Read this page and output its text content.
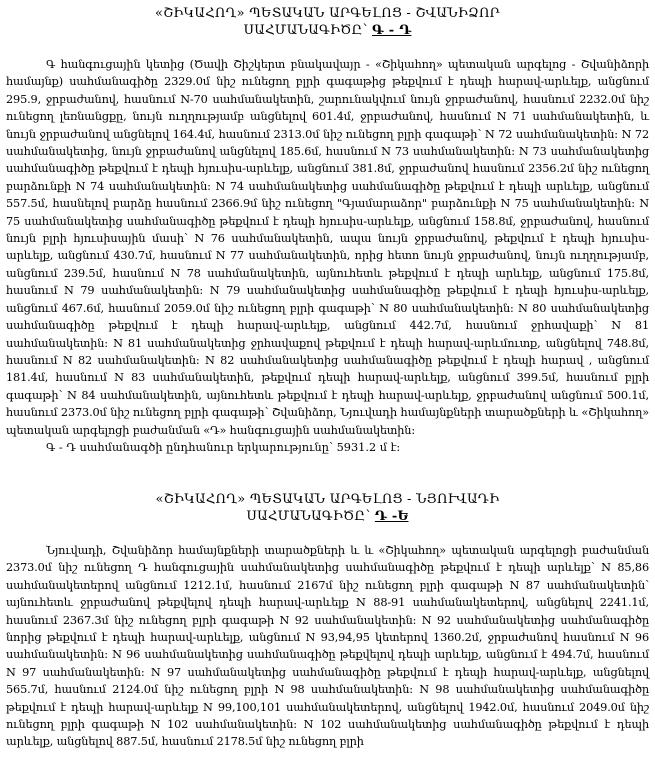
«ՇԻԿԱՀՈՂ» ՊԵՏԱԿԱՆ ԱՐԳԵԼՈՑ - ՇՎԱՆԻՁՈՐ
ՍԱՀՄԱՆԱԳԻԾԸ՝ Գ - Դ

Գ հանգուցային կետից (Ծավի Շիշկերտ բնակավայր - «Շիկահող» պետական արգելոց - Շվանիձորի համայնք) սահմանագիծը 2329.0մ նիշ ունեցող բլրի գագաթից թեքվում է դեպի հարավ-արևելք, անցնում 295.9, ջրբաժանով, հասնում N-70 սահմանակետին, շարունակվում նույն ջրբաժանով, հասնում 2232.0մ նիշ ունեցող լեռնանցքը, նույն ուղղությամբ անցնելով 601.4մ, ջրբաժանով, հասնում N 71 սահմանակետին, և նույն ջրբաժանով անցնելով 164.4մ, հասնում 2313.0մ նիշ ունեցող բլրի գագաթի՝ N 72 սահմանակետին: N 72 սահմանակետից, նույն ջրբաժանով անցնելով 185.6մ, հասնում N 73 սահմանակետին: N 73 սահմանակետից սահմանագիծը թեքվում է դեպի հյուսիս-արևելք, անցնում 381.8մ, ջրբաժանով հասնում 2356.2մ նիշ ունեցող բարձունքի N 74 սահմանակետին: N 74 սահմանակետից սահմանագիծը թեքվում է դեպի արևելք, անցնում 557.5մ, հասնելով բարձը հասնում 2366.9մ նիշ ունեցող "Գյամարաձոր" բարձունքի N 75 սահմանակետին: N 75 սահմանակետից սահմանագիծը թեքվում է դեպի հյուսիս-արևելք, անցնում 158.8մ, ջրբաժանով, հասնում նույն բլրի հյուսիսային մասի՝ N 76 սահմանակետին, ապա նույն ջրբաժանով, թեքվում է դեպի հյուսիս-արևելք, անցնում 430.7մ, հասնում N 77 սահմանակետին, որից հետո նույն ջրբաժանով, նույն ուղղությամբ, անցնում 239.5մ, հասնում N 78 սահմանակետին, այնուհետև թեքվում է դեպի արևելք, անցնում 175.8մ, հասնում N 79 սահմանակետին: N 79 սահմանակետից սահմանագիծը թեքվում է դեպի հյուսիս-արևելք, անցնում 467.6մ, հասնում 2059.0մ նիշ ունեցող բլրի գագաթի՝ N 80 սահմանակետին: N 80 սահմանակետից սահմանագիծը թեքվում է դեպի հարավ-արևելք, անցնում 442.7մ, հասնում ջրհավաքի՝ N 81 սահմանակետին: N 81 սահմանակետից ջրհավաքով թեքվում է դեպի հարավ-արևմուտք, անցնելով 748.8մ, հասնում N 82 սահմանակետին: N 82 սահմանակետից սահմանագիծը թեքվում է դեպի հարավ , անցնում 181.4մ, հասնում N 83 սահմանակետին, թեքվում դեպի հարավ-արևելք, անցնում 399.5մ, հասնում բլրի գագաթի՝ N 84 սահմանակետին, այնուհետև թեքվում է դեպի հարավ-արևելք, ջրբաժանով անցնում 500.1մ, հասնում 2373.0մ նիշ ունեցող բլրի գագաթի՝ Շվանիձոր, Նյուվադի համայնքների տարածքների և «Շիկահող» պետական արգելոցի բաժանման «Դ» հանգուցային սահմանակետին:

Գ - Դ սահմանագծի ընդհանուր երկարությունը՝ 5931.2 մ է:

«ՇԻԿԱՀՈՂ» ՊԵՏԱԿԱՆ ԱՐԳԵԼՈՑ - ՆՅՈՒՎԱԴԻ
ՍԱՀՄԱՆԱԳԻԾԸ՝ Դ -Ե

Նյուվադի, Շվանիձոր համայնքների տարածքների և և «Շիկահող» պետական արգելոցի բաժանման 2373.0մ նիշ ունեցող Դ հանգուցային սահմանակետից սահմանագիծը թեքվում է դեպի արևելք՝ N 85,86 սահմանակետերով անցնում 1212.1մ, հասնում 2167մ նիշ ունեցող բլրի գագաթի N 87 սահմանակետին՝ այնուհետև ջրբաժանով թեքվելով դեպի հարավ-արևելք N 88-91 սահմանակետերով, անցնելով 2241.1մ, հասնում 2367.3մ նիշ ունեցող բլրի գագաթի N 92 սահմանակետին: N 92 սահմանակետից սահմանագիծը նորից թեքվում է դեպի հարավ-արևելք, անցնում N 93,94,95 կետերով 1360.2մ, ջրբաժանով հասնում N 96 սահմանակետին: N 96 սահմանակետից սահմանագիծը թեքվելով դեպի արևելք, անցնում է 494.7մ, հասնում N 97 սահմանակետին: N 97 սահմանակետից սահմանագիծը թեքվում է դեպի հարավ-արևելք, անցնելով 565.7մ, հասնում 2124.0մ նիշ ունեցող բլրի N 98 սահմանակետին: N 98 սահմանակետից սահմանագիծը թեքվում է դեպի հարավ-արևելք N 99,100,101 սահմանակետերով, անցնելով 1942.0մ, հասնում 2049.0մ նիշ ունեցող բլրի գագաթի N 102 սահմանակետին: N 102 սահմանակետից սահմանագիծը թեքվում է դեպի արևելք, անցնելով 887.5մ, հասնում 2178.5մ նիշ ունեցող բլրի
